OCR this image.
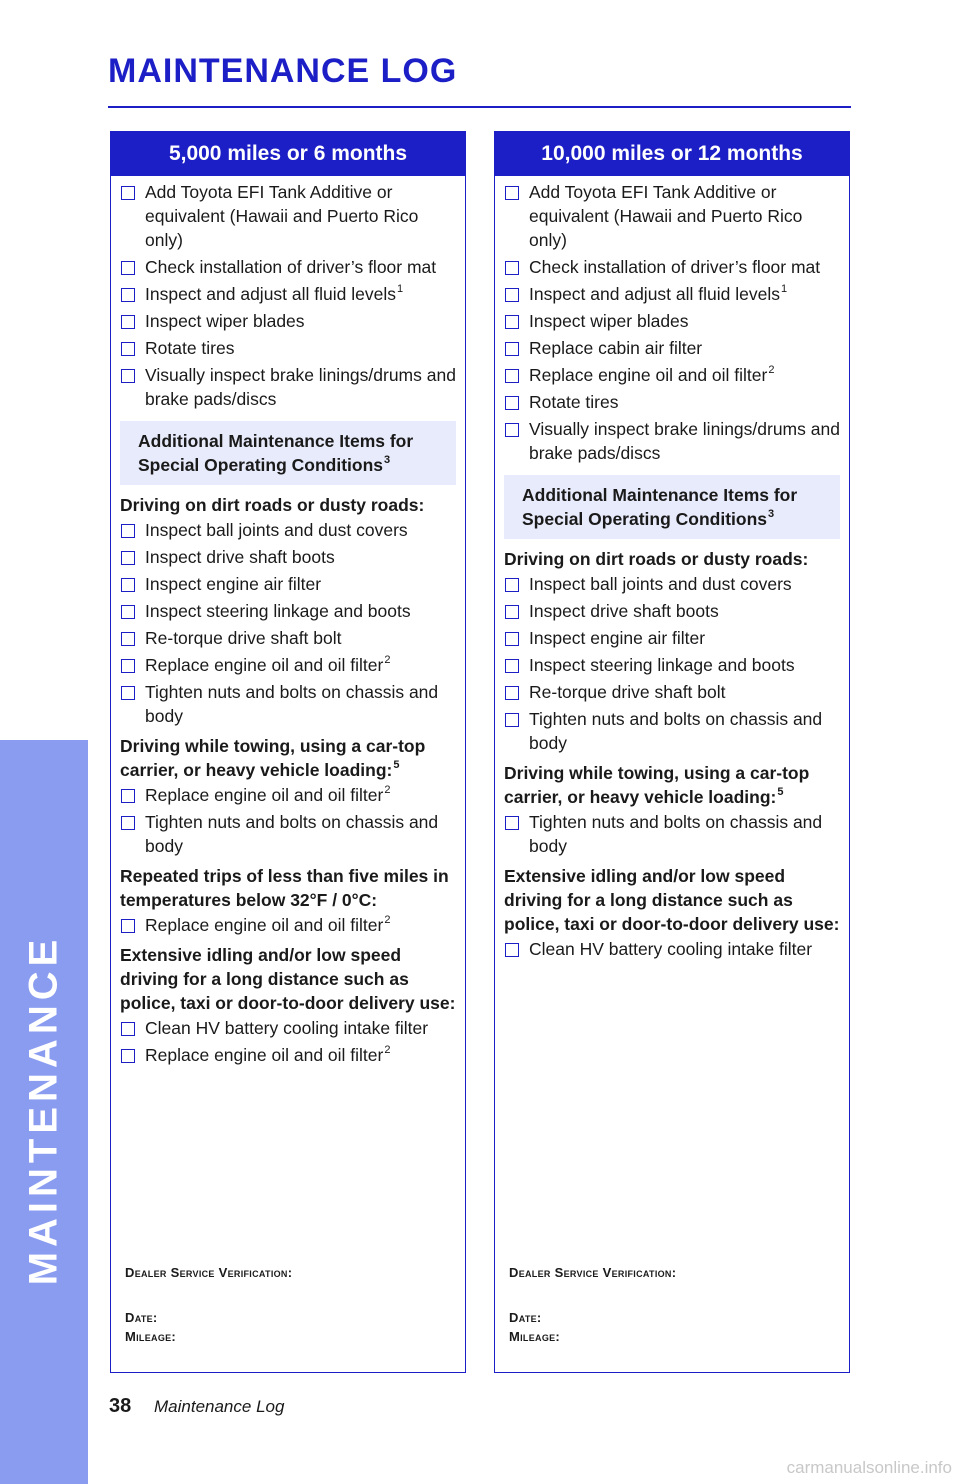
MAINTENANCE
MAINTENANCE LOG
5,000 miles or 6 months
Add Toyota EFI Tank Additive or equivalent (Hawaii and Puerto Rico only)
Check installation of driver’s floor mat
Inspect and adjust all fluid levels$^1$
Inspect wiper blades
Rotate tires
Visually inspect brake linings/drums and brake pads/discs
Additional Maintenance Items for Special Operating Conditions$^3$
Driving on dirt roads or dusty roads:
Inspect ball joints and dust covers
Inspect drive shaft boots
Inspect engine air filter
Inspect steering linkage and boots
Re-torque drive shaft bolt
Replace engine oil and oil filter$^2$
Tighten nuts and bolts on chassis and body
Driving while towing, using a car-top carrier, or heavy vehicle loading:$^5$
Replace engine oil and oil filter$^2$
Tighten nuts and bolts on chassis and body
Repeated trips of less than five miles in temperatures below 32°F / 0°C:
Replace engine oil and oil filter$^2$
Extensive idling and/or low speed driving for a long distance such as police, taxi or door-to-door delivery use:
Clean HV battery cooling intake filter
Replace engine oil and oil filter$^2$
Dealer Service Verification:
Date:
Mileage:
10,000 miles or 12 months
Add Toyota EFI Tank Additive or equivalent (Hawaii and Puerto Rico only)
Check installation of driver’s floor mat
Inspect and adjust all fluid levels$^1$
Inspect wiper blades
Replace cabin air filter
Replace engine oil and oil filter$^2$
Rotate tires
Visually inspect brake linings/drums and brake pads/discs
Additional Maintenance Items for Special Operating Conditions$^3$
Driving on dirt roads or dusty roads:
Inspect ball joints and dust covers
Inspect drive shaft boots
Inspect engine air filter
Inspect steering linkage and boots
Re-torque drive shaft bolt
Tighten nuts and bolts on chassis and body
Driving while towing, using a car-top carrier, or heavy vehicle loading:$^5$
Tighten nuts and bolts on chassis and body
Extensive idling and/or low speed driving for a long distance such as police, taxi or door-to-door delivery use:
Clean HV battery cooling intake filter
Dealer Service Verification:
Date:
Mileage:
38 Maintenance Log
carmanualsonline.info
